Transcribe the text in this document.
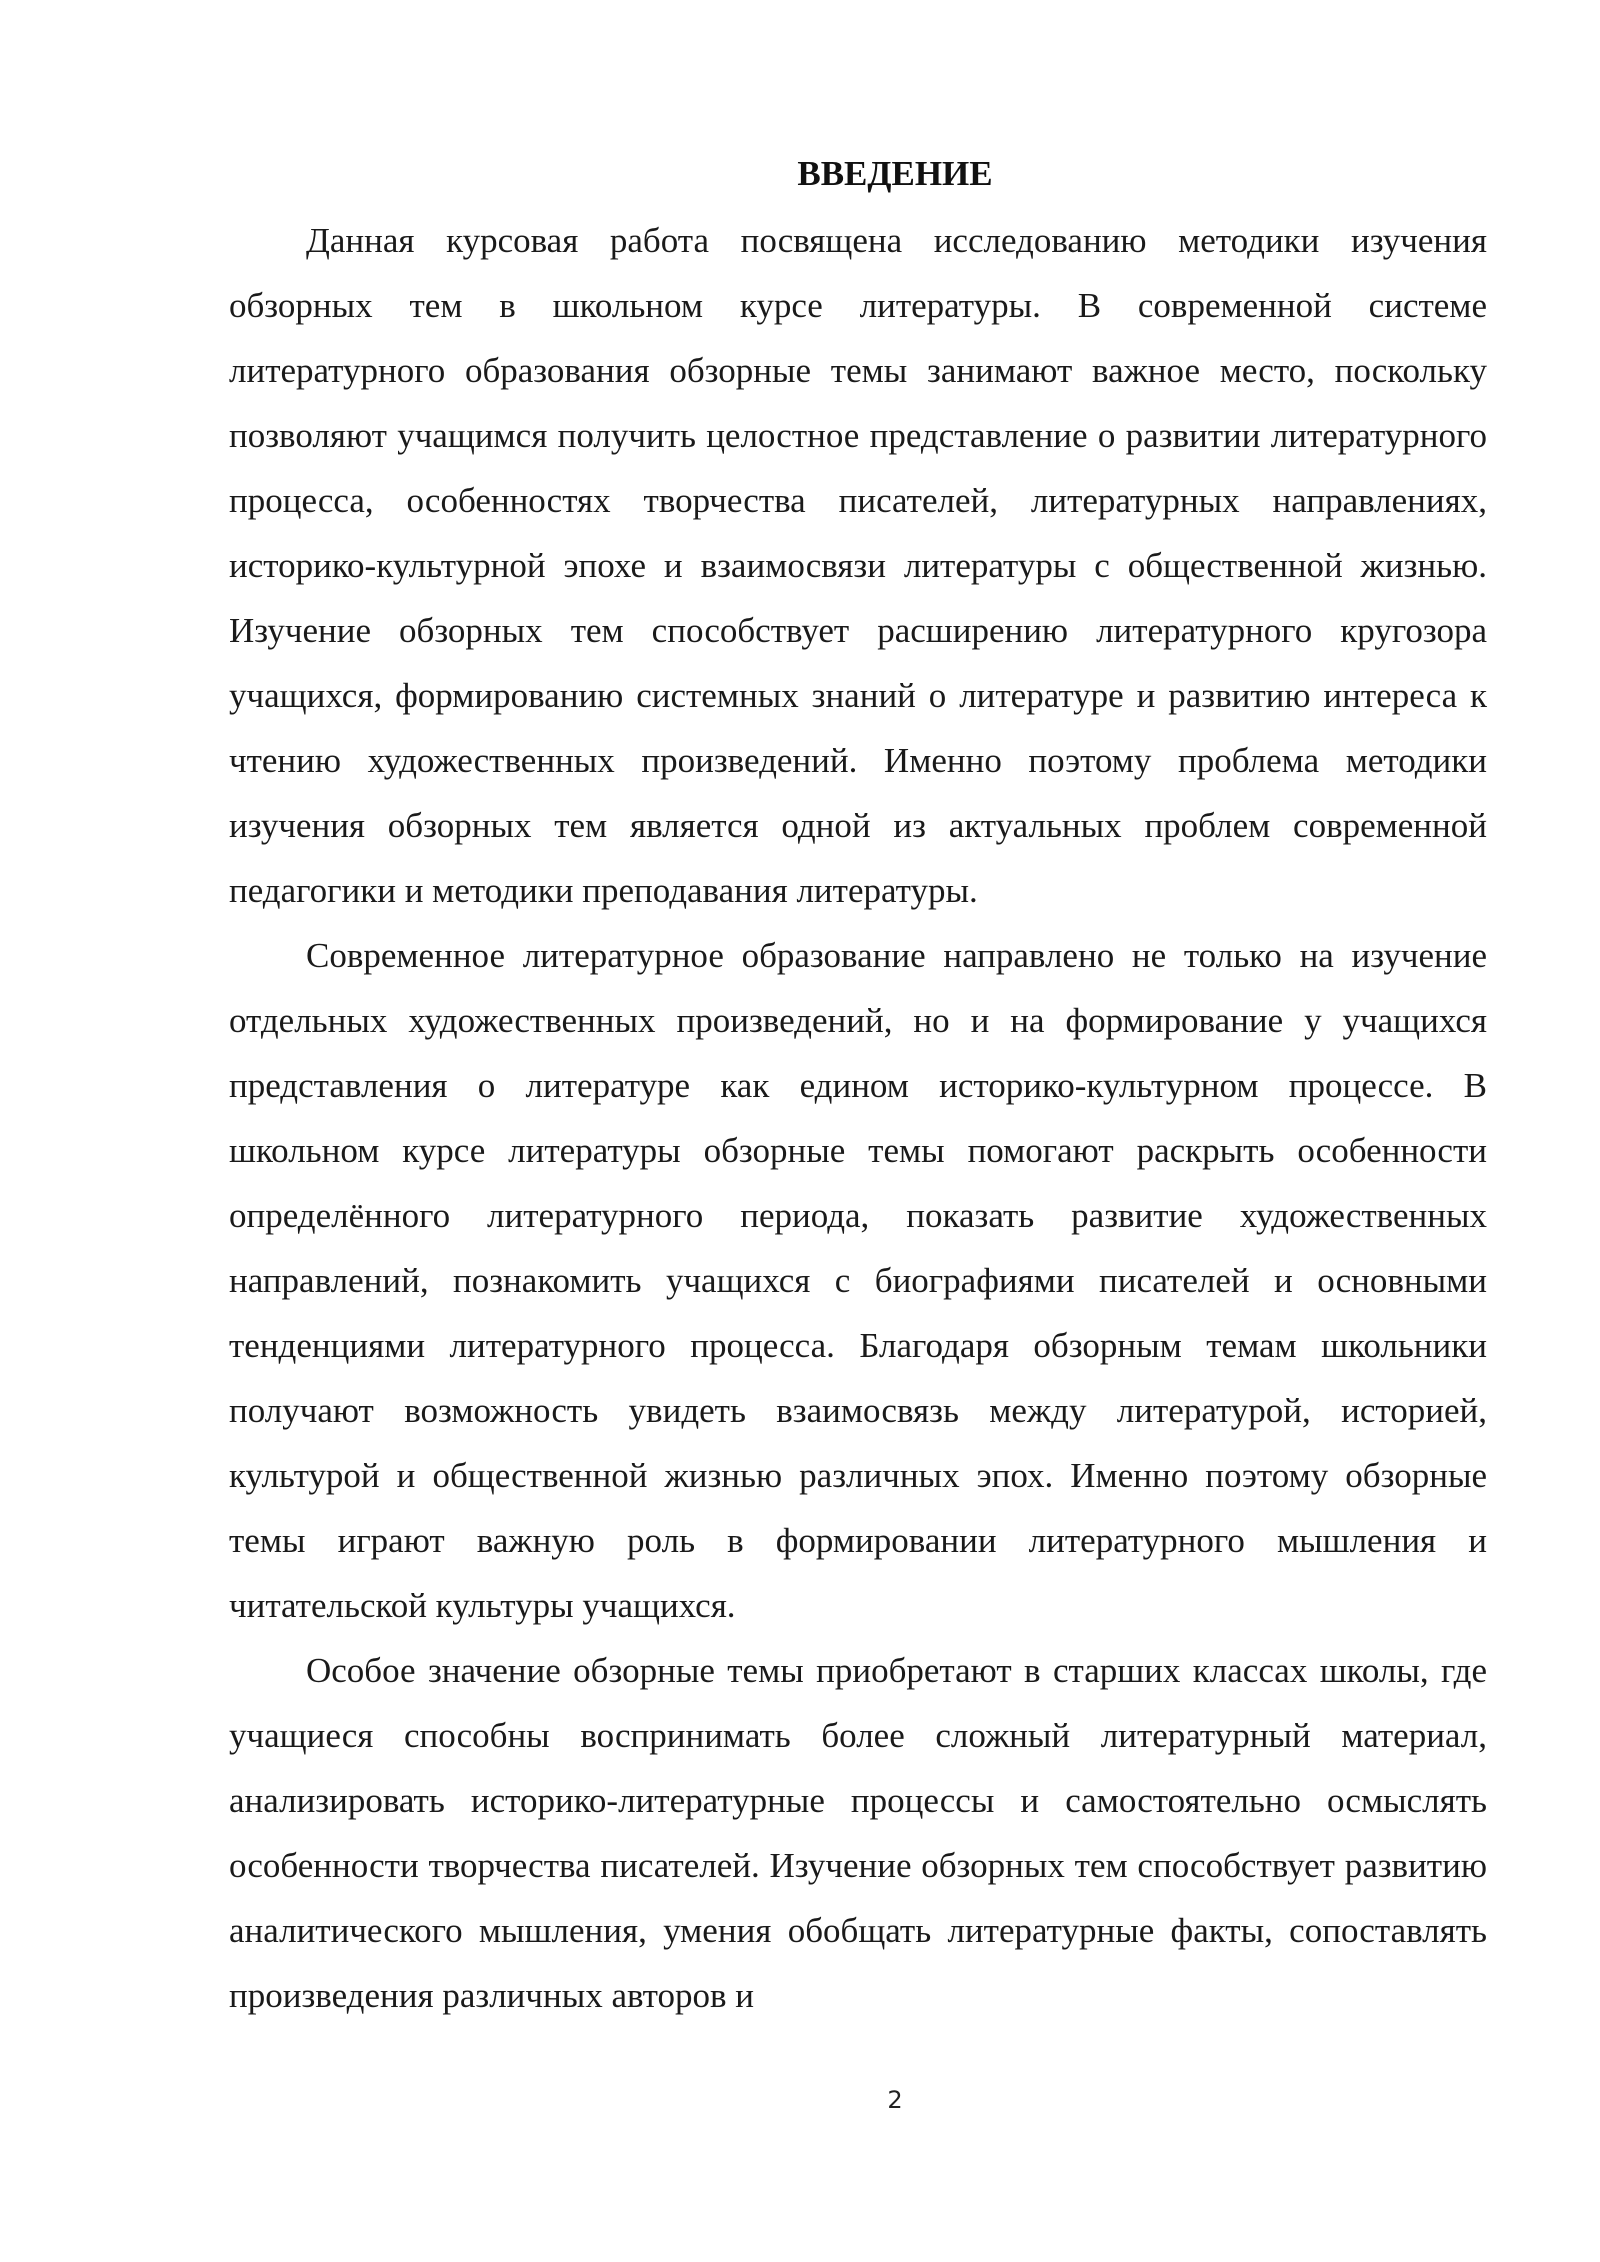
ВВЕДЕНИЕ

Данная курсовая работа посвящена исследованию методики изучения обзорных тем в школьном курсе литературы. В современной системе литературного образования обзорные темы занимают важное место, поскольку позволяют учащимся получить целостное представление о развитии литературного процесса, особенностях творчества писателей, литературных направлениях, историко-культурной эпохе и взаимосвязи литературы с общественной жизнью. Изучение обзорных тем способствует расширению литературного кругозора учащихся, формированию системных знаний о литературе и развитию интереса к чтению художественных произведений. Именно поэтому проблема методики изучения обзорных тем является одной из актуальных проблем современной педагогики и методики преподавания литературы.

Современное литературное образование направлено не только на изучение отдельных художественных произведений, но и на формирование у учащихся представления о литературе как едином историко-культурном процессе. В школьном курсе литературы обзорные темы помогают раскрыть особенности определённого литературного периода, показать развитие художественных направлений, познакомить учащихся с биографиями писателей и основными тенденциями литературного процесса. Благодаря обзорным темам школьники получают возможность увидеть взаимосвязь между литературой, историей, культурой и общественной жизнью различных эпох. Именно поэтому обзорные темы играют важную роль в формировании литературного мышления и читательской культуры учащихся.

Особое значение обзорные темы приобретают в старших классах школы, где учащиеся способны воспринимать более сложный литературный материал, анализировать историко-литературные процессы и самостоятельно осмыслять особенности творчества писателей. Изучение обзорных тем способствует развитию аналитического мышления, умения обобщать литературные факты, сопоставлять произведения различных авторов и

2
